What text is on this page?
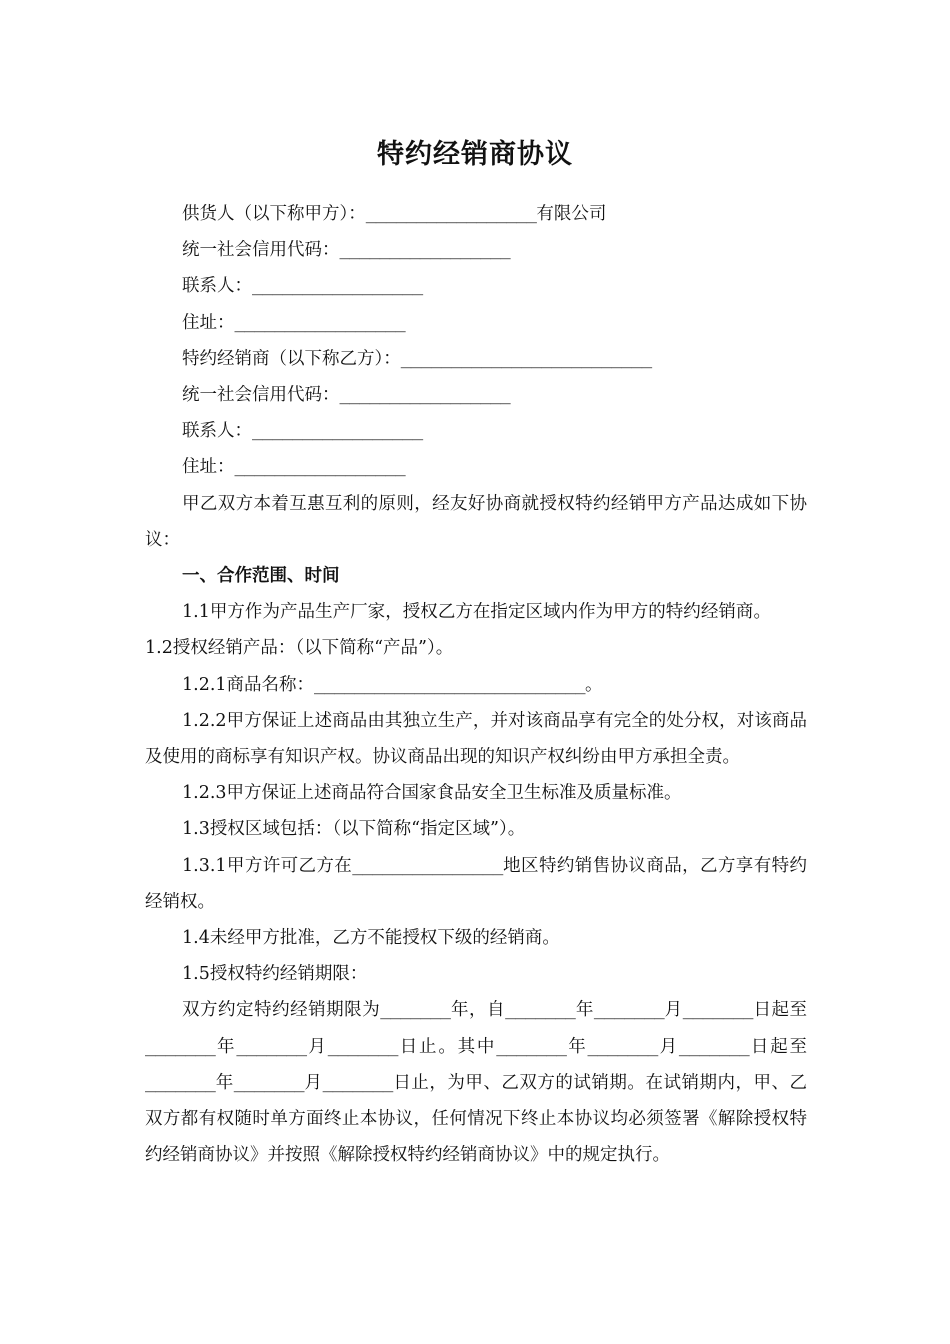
特约经销商协议

供货人（以下称甲方）：_________________有限公司

统一社会信用代码：_________________

联系人：_________________

住址：_________________

特约经销商（以下称乙方）：_________________________

统一社会信用代码：_________________

联系人：_________________

住址：_________________

甲乙双方本着互惠互利的原则，经友好协商就授权特约经销甲方产品达成如下协议：

一、合作范围、时间

1.1甲方作为产品生产厂家，授权乙方在指定区域内作为甲方的特约经销商。1.2授权经销产品：（以下简称“产品”）。

1.2.1商品名称：___________________________。

1.2.2甲方保证上述商品由其独立生产，并对该商品享有完全的处分权，对该商品及使用的商标享有知识产权。协议商品出现的知识产权纠纷由甲方承担全责。

1.2.3甲方保证上述商品符合国家食品安全卫生标准及质量标准。

1.3授权区域包括：（以下简称“指定区域”）。

1.3.1甲方许可乙方在_______________地区特约销售协议商品，乙方享有特约经销权。

1.4未经甲方批准，乙方不能授权下级的经销商。

1.5授权特约经销期限：

双方约定特约经销期限为_______年，自_______年_______月_______日起至_______年_______月_______日止。其中_______年_______月_______日起至_______年_______月_______日止，为甲、乙双方的试销期。在试销期内，甲、乙双方都有权随时单方面终止本协议，任何情况下终止本协议均必须签署《解除授权特约经销商协议》并按照《解除授权特约经销商协议》中的规定执行。
